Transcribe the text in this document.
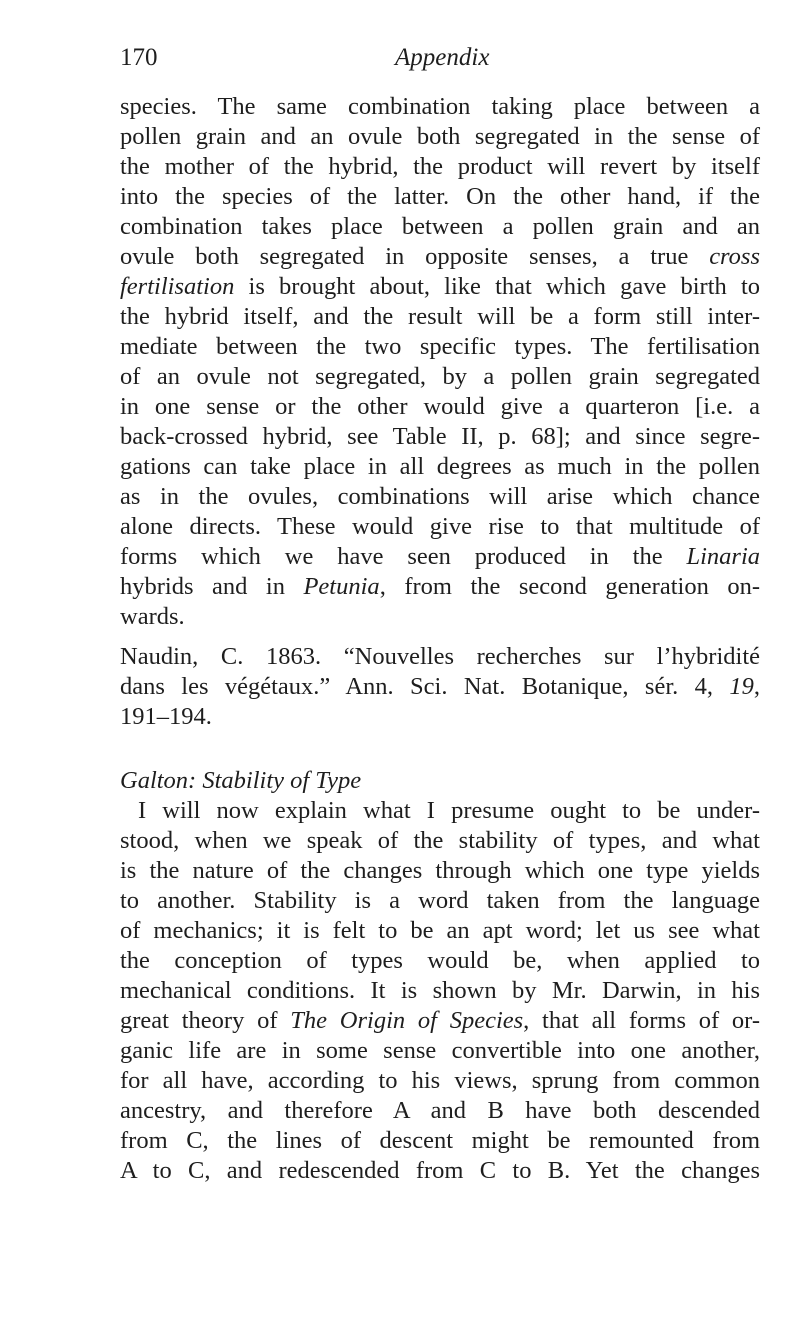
170	Appendix
species. The same combination taking place between a
pollen grain and an ovule both segregated in the sense of
the mother of the hybrid, the product will revert by itself
into the species of the latter. On the other hand, if the
combination takes place between a pollen grain and an
ovule both segregated in opposite senses, a true cross
fertilisation is brought about, like that which gave birth to
the hybrid itself, and the result will be a form still inter-
mediate between the two specific types. The fertilisation
of an ovule not segregated, by a pollen grain segregated
in one sense or the other would give a quarteron [i.e. a
back-crossed hybrid, see Table II, p. 68]; and since segre-
gations can take place in all degrees as much in the pollen
as in the ovules, combinations will arise which chance
alone directs. These would give rise to that multitude of
forms which we have seen produced in the Linaria
hybrids and in Petunia, from the second generation on-
wards.
Naudin, C. 1863. “Nouvelles recherches sur l’hybridité
dans les végétaux.” Ann. Sci. Nat. Botanique, sér. 4, 19,
191–194.
Galton: Stability of Type
I will now explain what I presume ought to be under-
stood, when we speak of the stability of types, and what
is the nature of the changes through which one type yields
to another. Stability is a word taken from the language
of mechanics; it is felt to be an apt word; let us see what
the conception of types would be, when applied to
mechanical conditions. It is shown by Mr. Darwin, in his
great theory of The Origin of Species, that all forms of or-
ganic life are in some sense convertible into one another,
for all have, according to his views, sprung from common
ancestry, and therefore A and B have both descended
from C, the lines of descent might be remounted from
A to C, and redescended from C to B. Yet the changes
